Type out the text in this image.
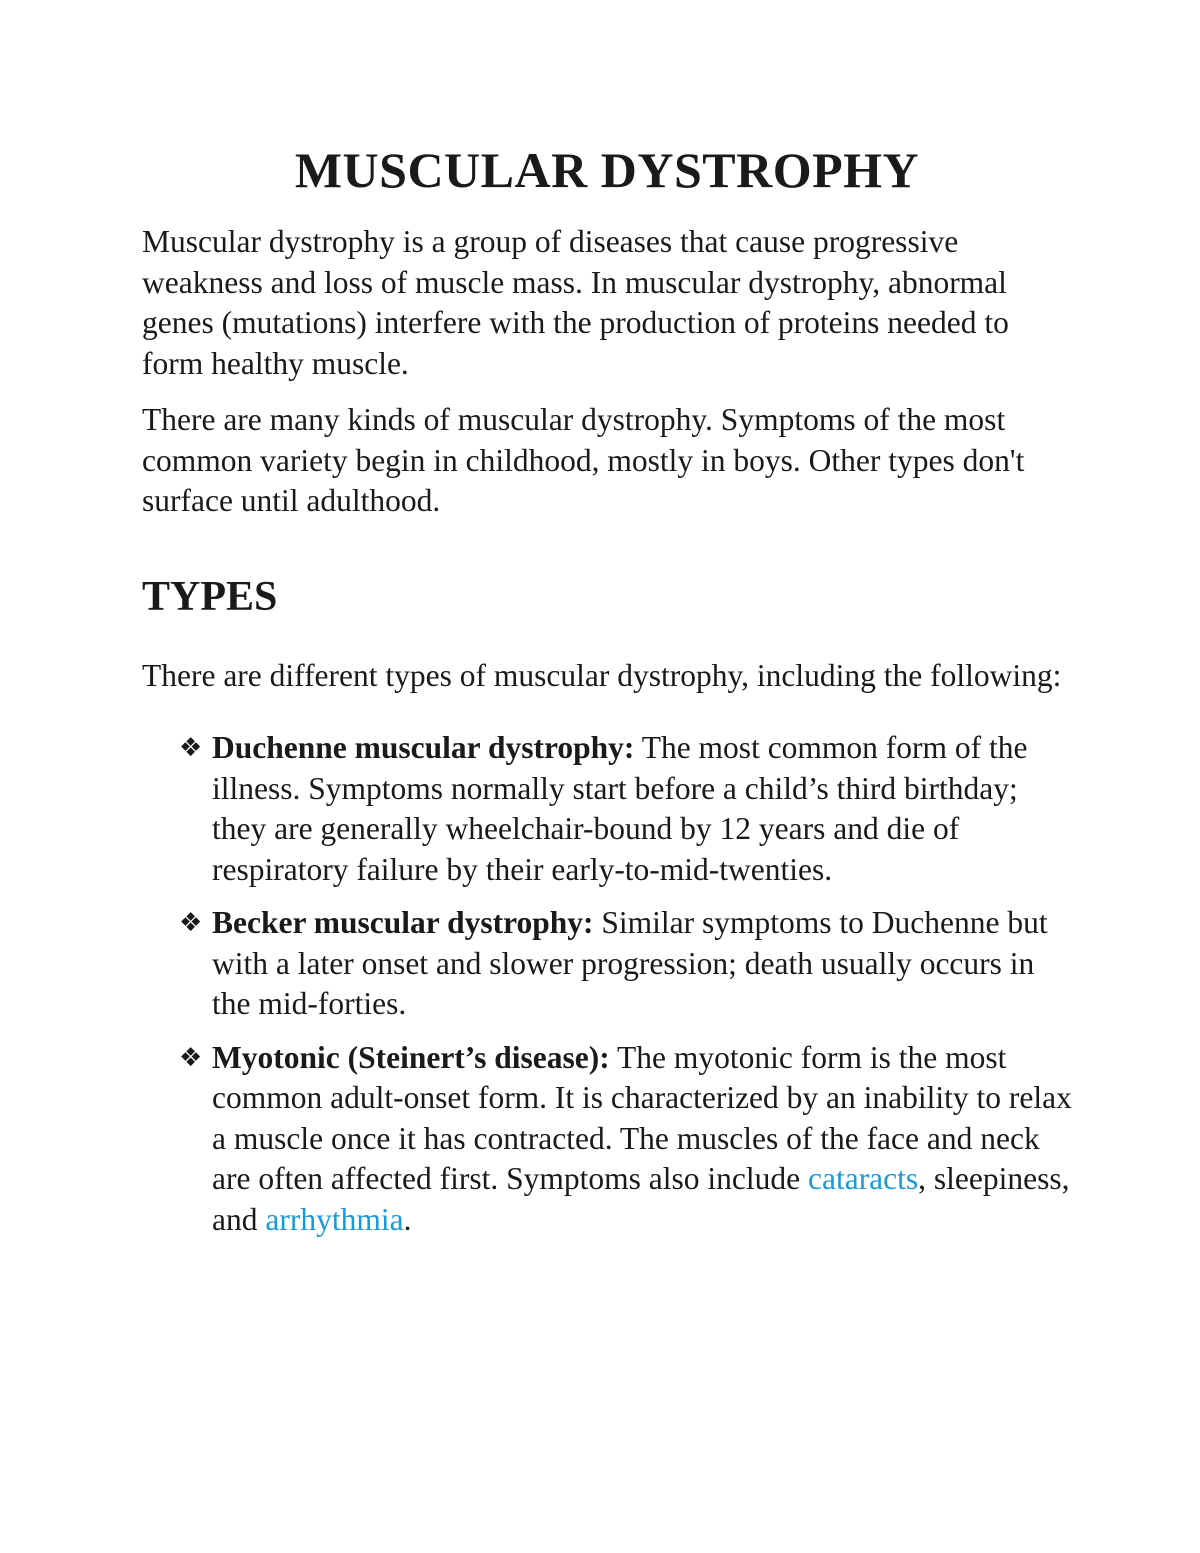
MUSCULAR DYSTROPHY

Muscular dystrophy is a group of diseases that cause progressive weakness and loss of muscle mass. In muscular dystrophy, abnormal genes (mutations) interfere with the production of proteins needed to form healthy muscle.

There are many kinds of muscular dystrophy. Symptoms of the most common variety begin in childhood, mostly in boys. Other types don't surface until adulthood.

TYPES

There are different types of muscular dystrophy, including the following:

❖ Duchenne muscular dystrophy: The most common form of the illness. Symptoms normally start before a child’s third birthday; they are generally wheelchair-bound by 12 years and die of respiratory failure by their early-to-mid-twenties.
❖ Becker muscular dystrophy: Similar symptoms to Duchenne but with a later onset and slower progression; death usually occurs in the mid-forties.
❖ Myotonic (Steinert’s disease): The myotonic form is the most common adult-onset form. It is characterized by an inability to relax a muscle once it has contracted. The muscles of the face and neck are often affected first. Symptoms also include cataracts, sleepiness, and arrhythmia.
